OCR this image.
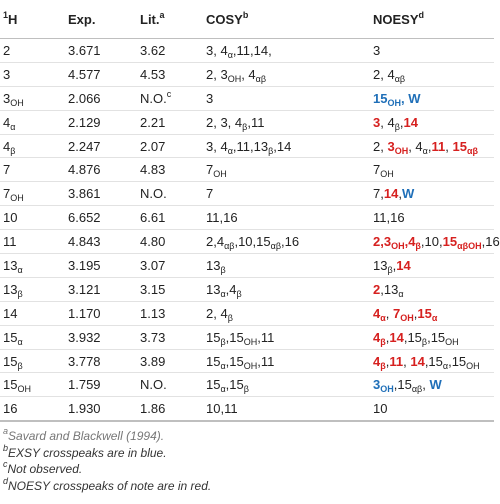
$^1$H	Exp.	Lit.$^a$	COSY$^b$	NOESY$^d$
2	3.671	3.62	3, $4_\alpha,11,14$,	3
3	4.577	4.53	2, $3_{OH}$, $4_{\alpha\beta}$	2, $4_{\alpha\beta}$
$3_{OH}$	2.066	N.O.$^c$	3	$15_{OH}$, W
$4_\alpha$	2.129	2.21	2, 3, $4_\beta,11$	3, $4_\beta,14$
$4_\beta$	2.247	2.07	3, $4_\alpha,11,13_\beta,14$	2, $3_{OH}$, $4_\alpha,11$, $15_{\alpha\beta}$
7	4.876	4.83	$7_{OH}$	$7_{OH}$
$7_{OH}$	3.861	N.O.	7	7,14,W
10	6.652	6.61	11,16	11,16
11	4.843	4.80	$2,4_{\alpha\beta},10,15_{\alpha\beta},16$	$2,3_{OH},4_\beta,10,15_{\alpha\beta OH},16$
$13_\alpha$	3.195	3.07	$13_\beta$	$13_\beta,14$
$13_\beta$	3.121	3.15	$13_\alpha,4_\beta$	$2,13_\alpha$
14	1.170	1.13	2, $4_\beta$	$4_\alpha$, $7_{OH},15_\alpha$
$15_\alpha$	3.932	3.73	$15_\beta,15_{OH},11$	$4_\beta,14,15_\beta,15_{OH}$
$15_\beta$	3.778	3.89	$15_\alpha,15_{OH},11$	$4_\beta,11$, $14,15_\alpha,15_{OH}$
$15_{OH}$	1.759	N.O.	$15_\alpha,15_\beta$	$3_{OH},15_{\alpha\beta}$, W
16	1.930	1.86	10,11	10
$^a$Savard and Blackwell (1994).
$^b$EXSY crosspeaks are in blue.
$^c$Not observed.
$^d$NOESY crosspeaks of note are in red.
